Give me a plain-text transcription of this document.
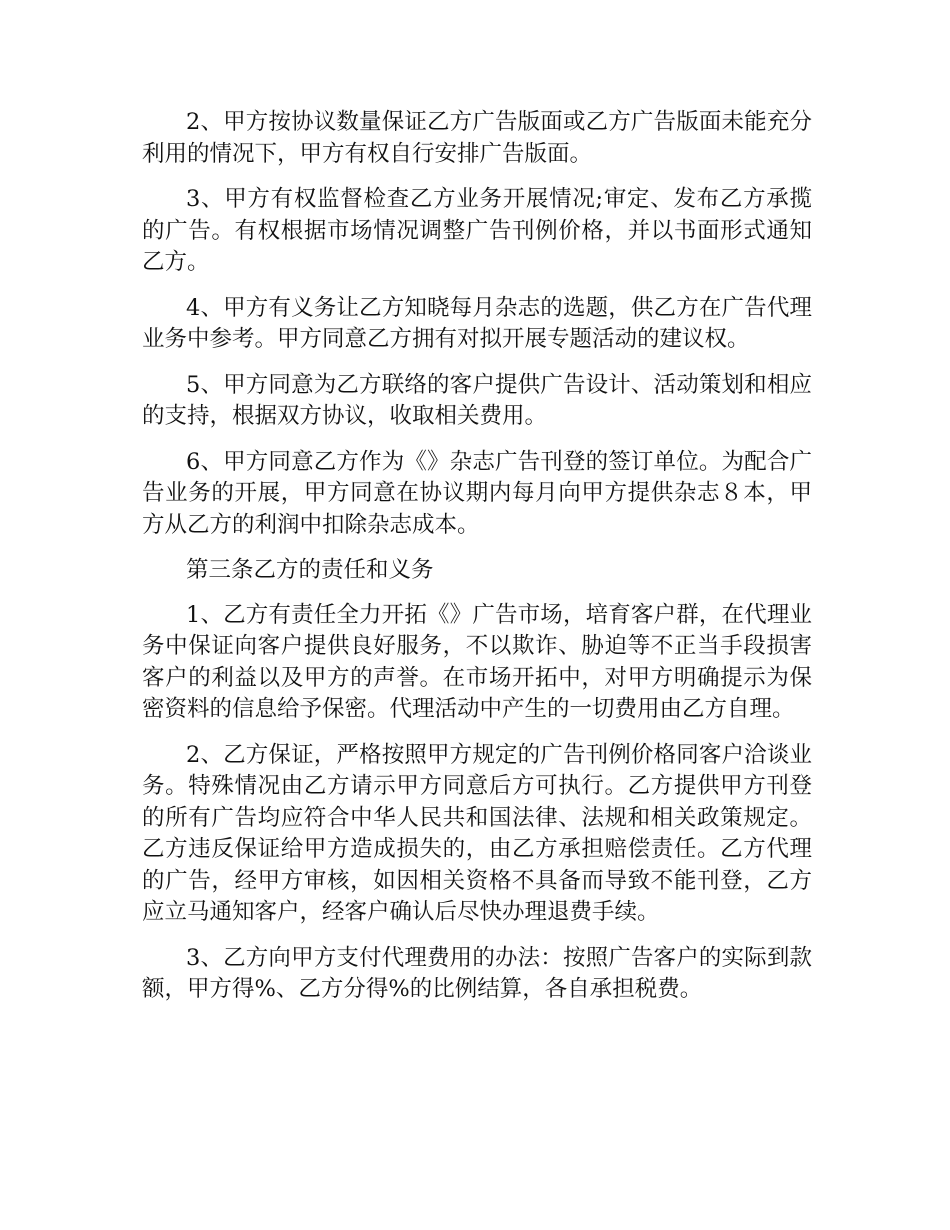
2、甲方按协议数量保证乙方广告版面或乙方广告版面未能充分利用的情况下，甲方有权自行安排广告版面。

3、甲方有权监督检查乙方业务开展情况;审定、发布乙方承揽的广告。有权根据市场情况调整广告刊例价格，并以书面形式通知乙方。

4、甲方有义务让乙方知晓每月杂志的选题，供乙方在广告代理业务中参考。甲方同意乙方拥有对拟开展专题活动的建议权。

5、甲方同意为乙方联络的客户提供广告设计、活动策划和相应的支持，根据双方协议，收取相关费用。

6、甲方同意乙方作为《》杂志广告刊登的签订单位。为配合广告业务的开展，甲方同意在协议期内每月向甲方提供杂志８本，甲方从乙方的利润中扣除杂志成本。

第三条乙方的责任和义务

1、乙方有责任全力开拓《》广告市场，培育客户群，在代理业务中保证向客户提供良好服务，不以欺诈、胁迫等不正当手段损害客户的利益以及甲方的声誉。在市场开拓中，对甲方明确提示为保密资料的信息给予保密。代理活动中产生的一切费用由乙方自理。

2、乙方保证，严格按照甲方规定的广告刊例价格同客户洽谈业务。特殊情况由乙方请示甲方同意后方可执行。乙方提供甲方刊登的所有广告均应符合中华人民共和国法律、法规和相关政策规定。乙方违反保证给甲方造成损失的，由乙方承担赔偿责任。乙方代理的广告，经甲方审核，如因相关资格不具备而导致不能刊登，乙方应立马通知客户，经客户确认后尽快办理退费手续。

3、乙方向甲方支付代理费用的办法：按照广告客户的实际到款额，甲方得%、乙方分得%的比例结算，各自承担税费。
